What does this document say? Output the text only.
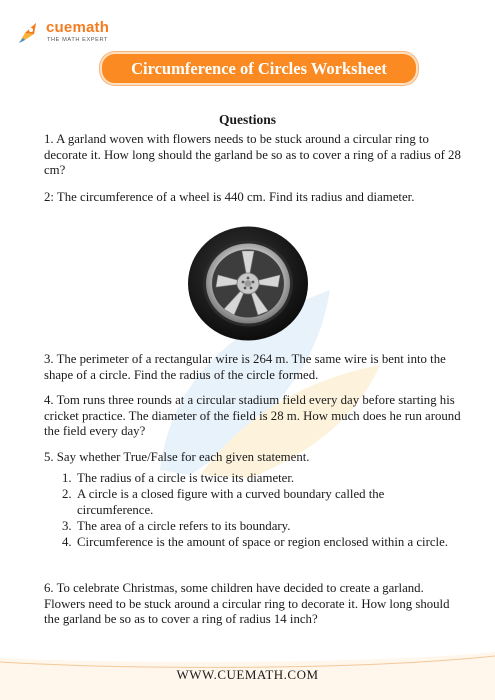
cuemath
THE MATH EXPERT
Circumference of Circles Worksheet
Questions
1. A garland woven with flowers needs to be stuck around a circular ring to decorate it. How long should the garland be so as to cover a ring of a radius of 28 cm?
2: The circumference of a wheel is 440 cm. Find its radius and diameter.
3. The perimeter of a rectangular wire is 264 m. The same wire is bent into the shape of a circle. Find the radius of the circle formed.
4. Tom runs three rounds at a circular stadium field every day before starting his cricket practice. The diameter of the field is 28 m. How much does he run around the field every day?
5. Say whether True/False for each given statement.
1. The radius of a circle is twice its diameter.
2. A circle is a closed figure with a curved boundary called the circumference.
3. The area of a circle refers to its boundary.
4. Circumference is the amount of space or region enclosed within a circle.
6. To celebrate Christmas, some children have decided to create a garland. Flowers need to be stuck around a circular ring to decorate it. How long should the garland be so as to cover a ring of radius 14 inch?
WWW.CUEMATH.COM
